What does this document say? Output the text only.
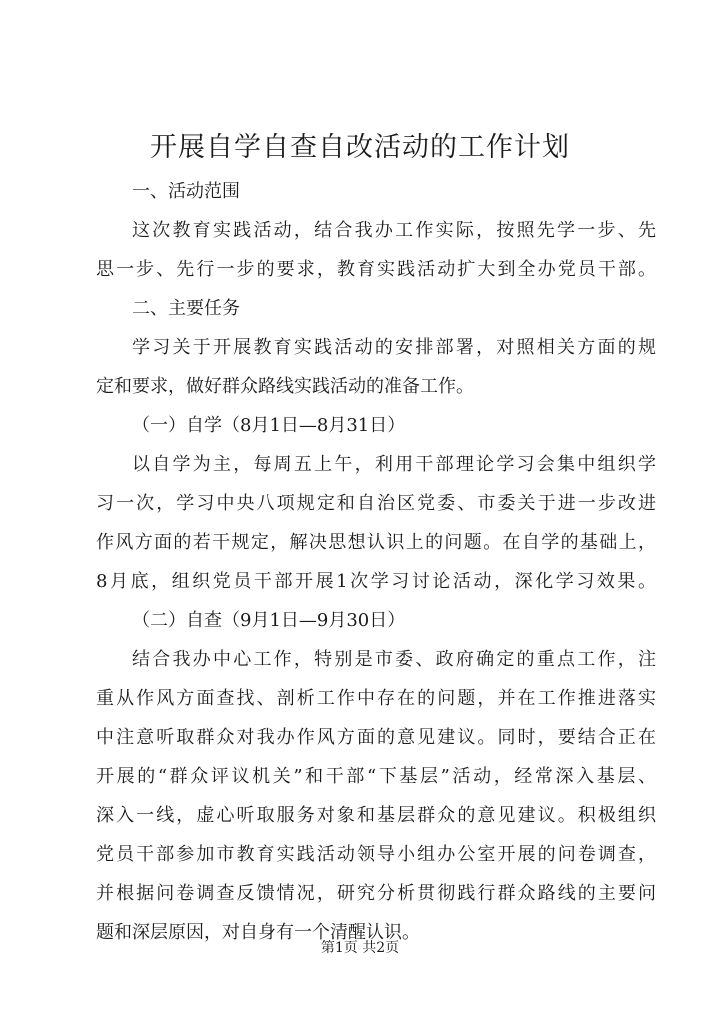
开展自学自查自改活动的工作计划

一、活动范围

这次教育实践活动，结合我办工作实际，按照先学一步、先

思一步、先行一步的要求，教育实践活动扩大到全办党员干部。

二、主要任务

学习关于开展教育实践活动的安排部署，对照相关方面的规

定和要求，做好群众路线实践活动的准备工作。

（一）自学（8月1日—8月31日）

以自学为主，每周五上午，利用干部理论学习会集中组织学

习一次，学习中央八项规定和自治区党委、市委关于进一步改进

作风方面的若干规定，解决思想认识上的问题。在自学的基础上，

8月底，组织党员干部开展1次学习讨论活动，深化学习效果。

（二）自查（9月1日—9月30日）

结合我办中心工作，特别是市委、政府确定的重点工作，注

重从作风方面查找、剖析工作中存在的问题，并在工作推进落实

中注意听取群众对我办作风方面的意见建议。同时，要结合正在

开展的“群众评议机关”和干部“下基层”活动，经常深入基层、

深入一线，虚心听取服务对象和基层群众的意见建议。积极组织

党员干部参加市教育实践活动领导小组办公室开展的问卷调查，

并根据问卷调查反馈情况，研究分析贯彻践行群众路线的主要问

题和深层原因，对自身有一个清醒认识。

第1页 共2页
